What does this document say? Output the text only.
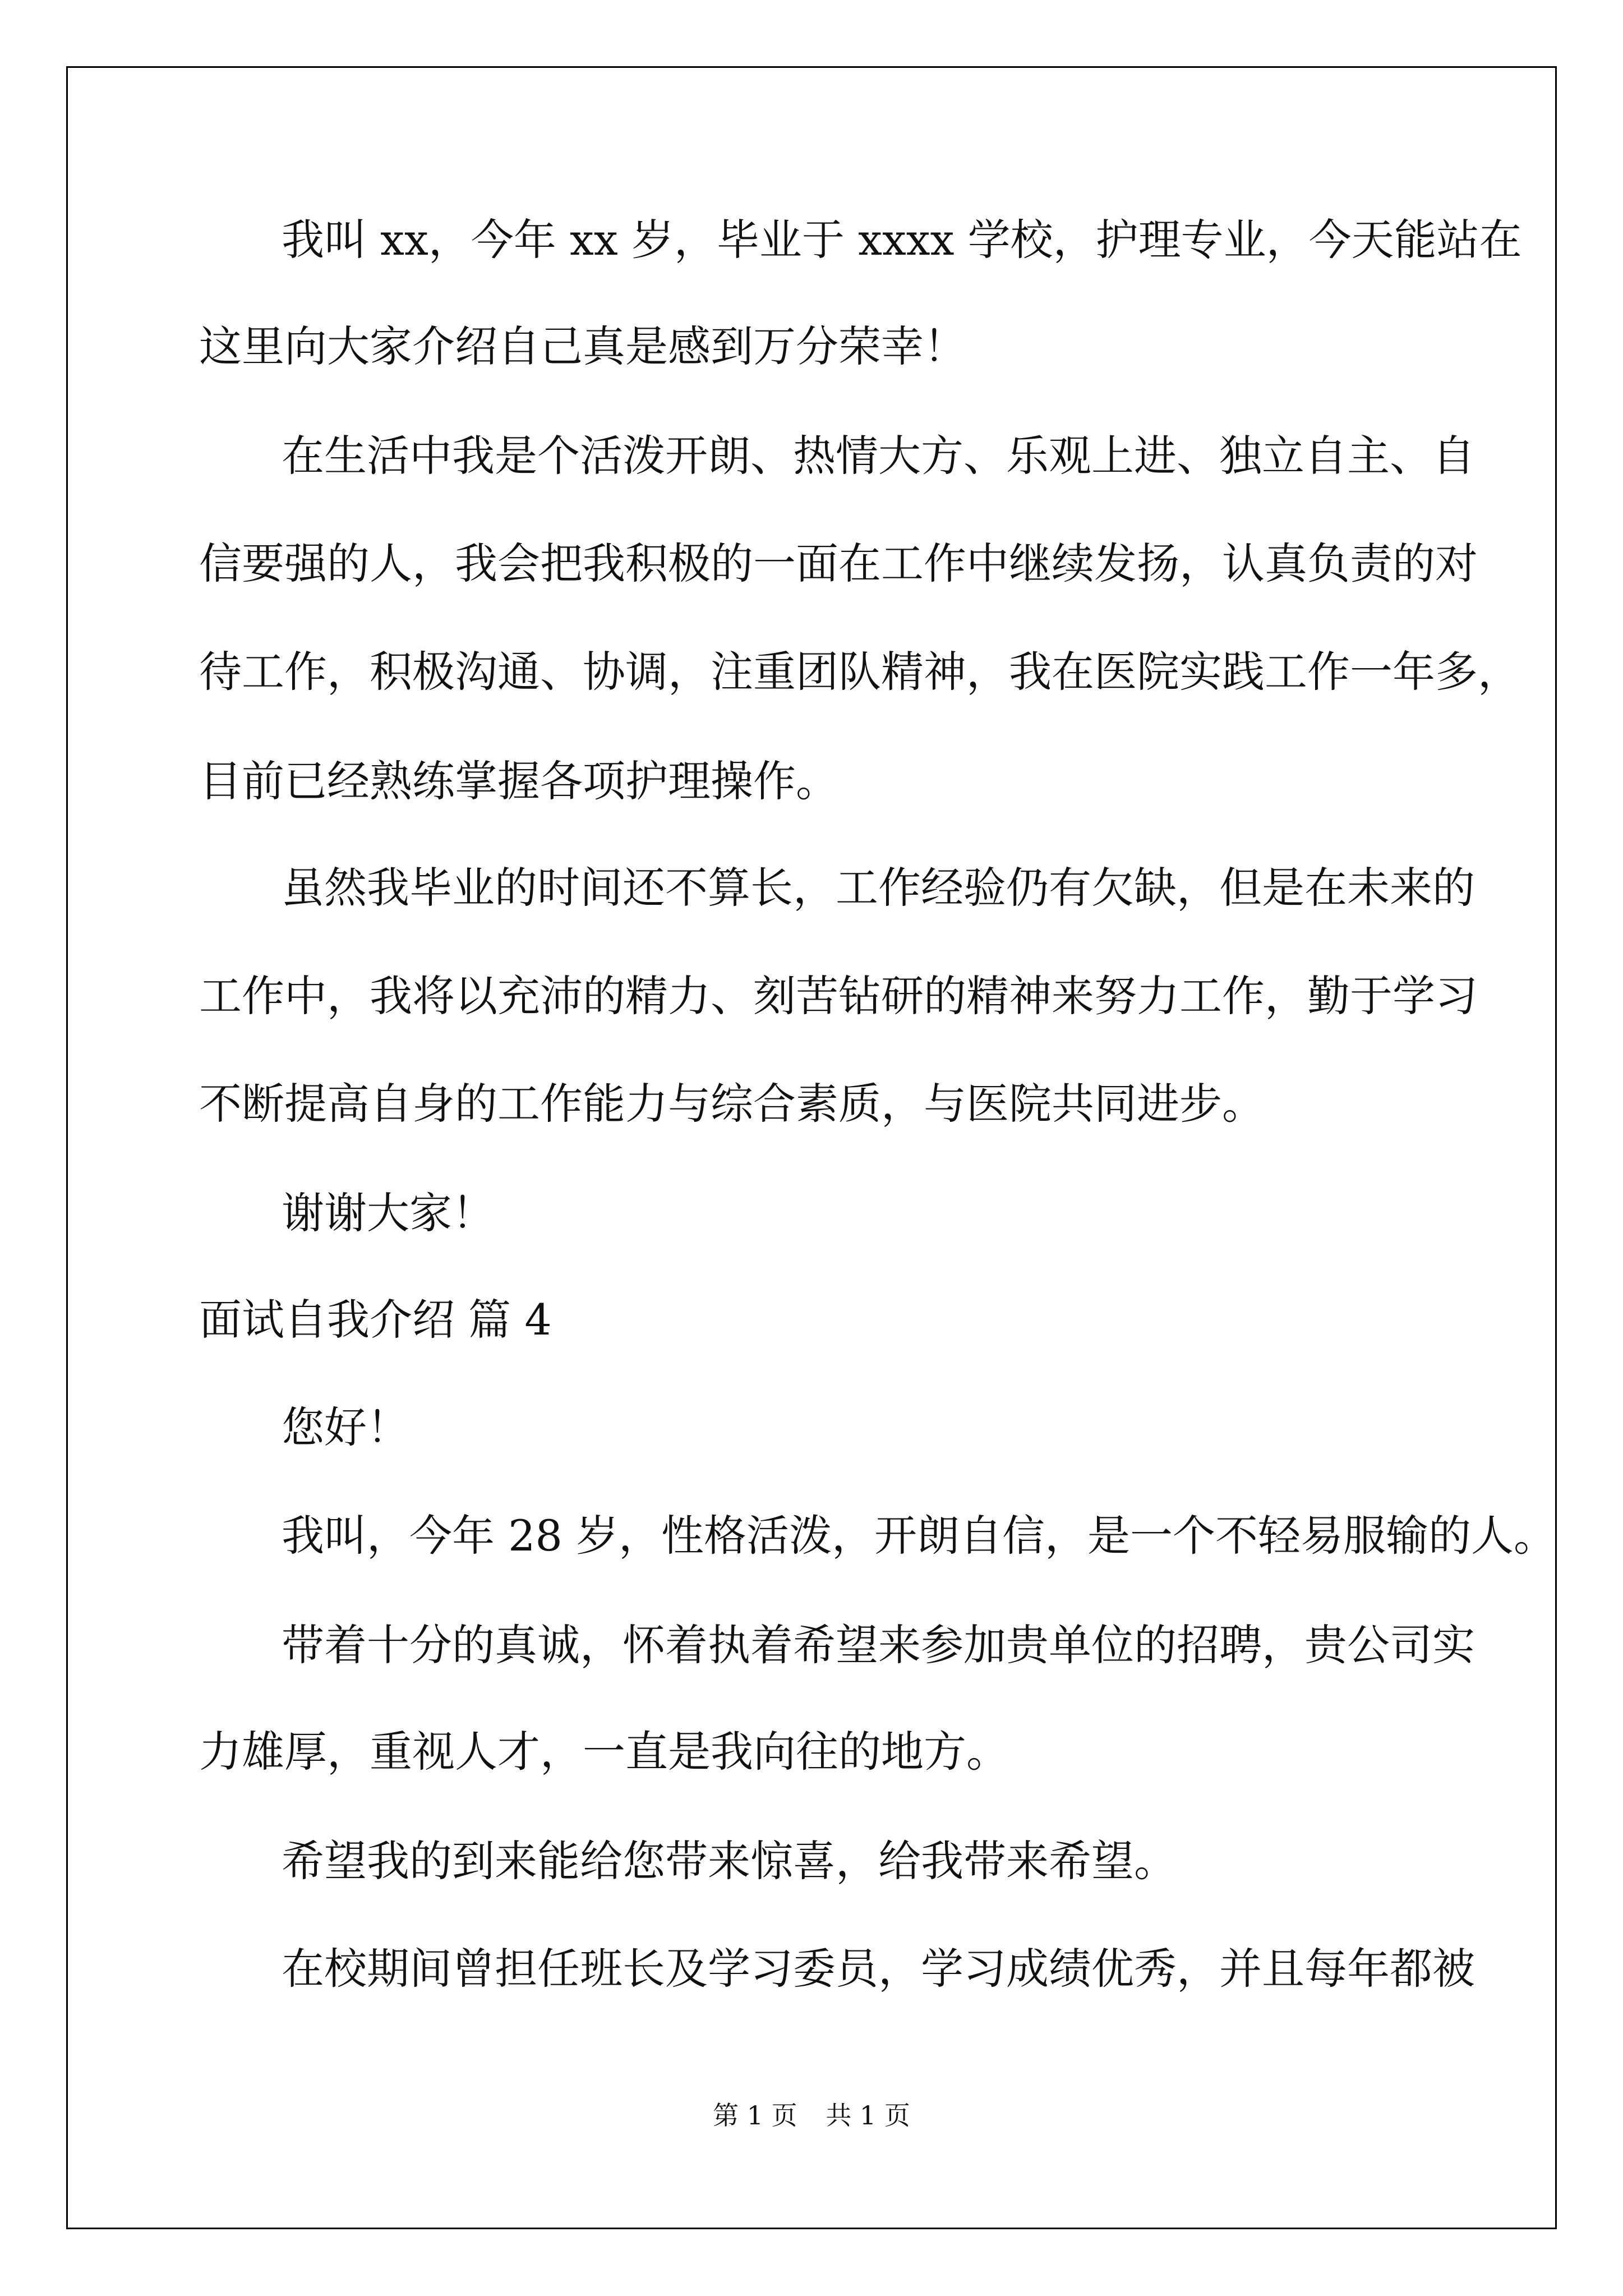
我叫 xx，今年 xx 岁，毕业于 xxxx 学校，护理专业，今天能站在
这里向大家介绍自己真是感到万分荣幸！
在生活中我是个活泼开朗、热情大方、乐观上进、独立自主、自
信要强的人，我会把我积极的一面在工作中继续发扬，认真负责的对
待工作，积极沟通、协调，注重团队精神，我在医院实践工作一年多，
目前已经熟练掌握各项护理操作。
虽然我毕业的时间还不算长，工作经验仍有欠缺，但是在未来的
工作中，我将以充沛的精力、刻苦钻研的精神来努力工作，勤于学习
不断提高自身的工作能力与综合素质，与医院共同进步。
谢谢大家！
面试自我介绍 篇 4
您好！
我叫，今年 28 岁，性格活泼，开朗自信，是一个不轻易服输的人。
带着十分的真诚，怀着执着希望来参加贵单位的招聘，贵公司实
力雄厚，重视人才，一直是我向往的地方。
希望我的到来能给您带来惊喜，给我带来希望。
在校期间曾担任班长及学习委员，学习成绩优秀，并且每年都被
第 1 页 共 1 页
